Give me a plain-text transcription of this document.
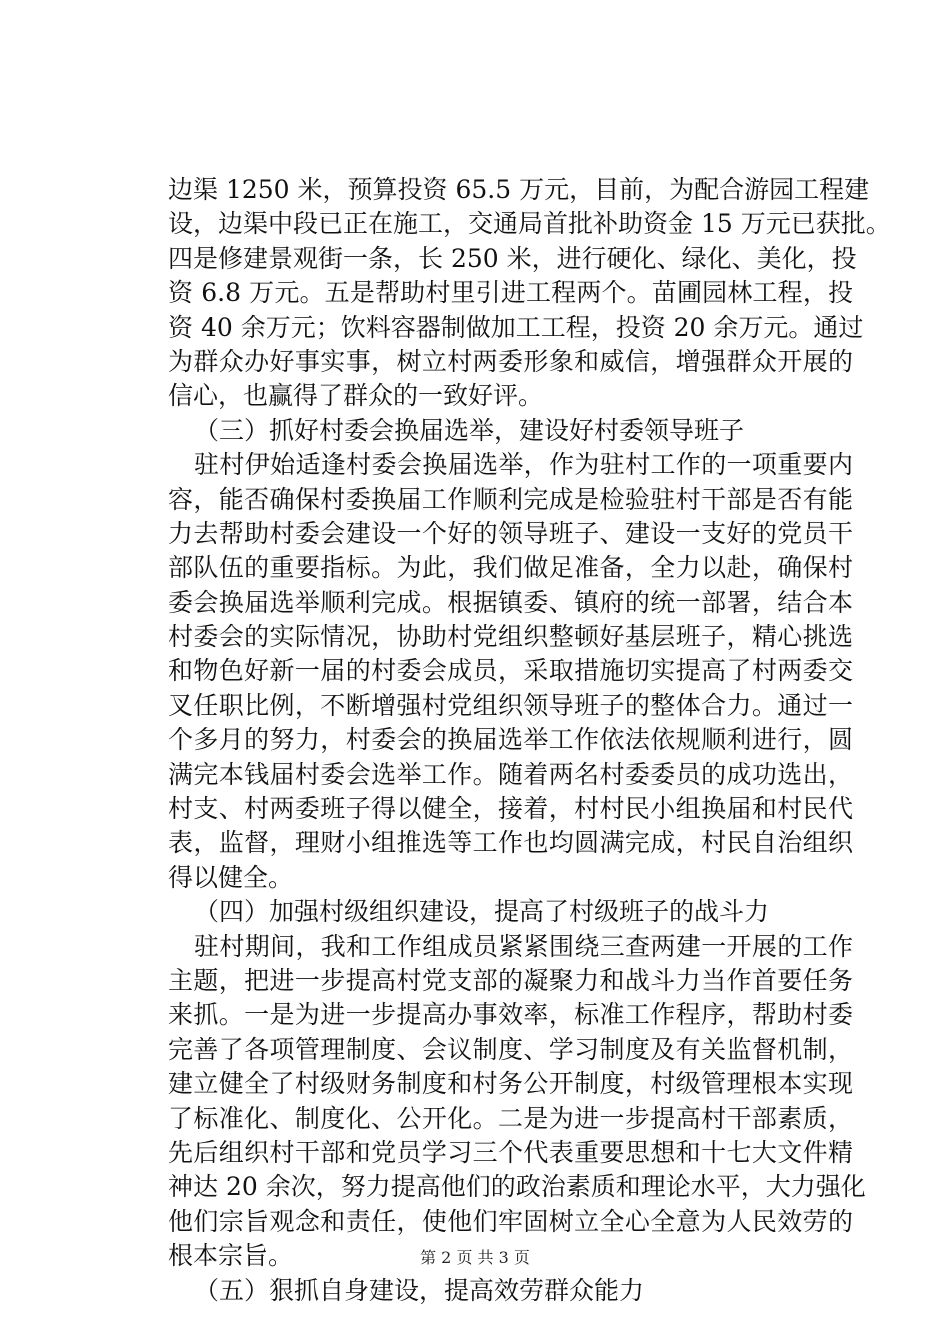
边渠 1250 米，预算投资 65.5 万元，目前，为配合游园工程建
设，边渠中段已正在施工，交通局首批补助资金 15 万元已获批。
四是修建景观街一条，长 250 米，进行硬化、绿化、美化，投
资 6.8 万元。五是帮助村里引进工程两个。苗圃园林工程，投
资 40 余万元；饮料容器制做加工工程，投资 20 余万元。通过
为群众办好事实事，树立村两委形象和威信，增强群众开展的
信心，也赢得了群众的一致好评。
（三）抓好村委会换届选举，建设好村委领导班子
驻村伊始适逢村委会换届选举，作为驻村工作的一项重要内
容，能否确保村委换届工作顺利完成是检验驻村干部是否有能
力去帮助村委会建设一个好的领导班子、建设一支好的党员干
部队伍的重要指标。为此，我们做足准备，全力以赴，确保村
委会换届选举顺利完成。根据镇委、镇府的统一部署，结合本
村委会的实际情况，协助村党组织整顿好基层班子，精心挑选
和物色好新一届的村委会成员，采取措施切实提高了村两委交
叉任职比例，不断增强村党组织领导班子的整体合力。通过一
个多月的努力，村委会的换届选举工作依法依规顺利进行，圆
满完本钱届村委会选举工作。随着两名村委委员的成功选出，
村支、村两委班子得以健全，接着，村村民小组换届和村民代
表，监督，理财小组推选等工作也均圆满完成，村民自治组织
得以健全。
（四）加强村级组织建设，提高了村级班子的战斗力
驻村期间，我和工作组成员紧紧围绕三查两建一开展的工作
主题，把进一步提高村党支部的凝聚力和战斗力当作首要任务
来抓。一是为进一步提高办事效率，标准工作程序，帮助村委
完善了各项管理制度、会议制度、学习制度及有关监督机制，
建立健全了村级财务制度和村务公开制度，村级管理根本实现
了标准化、制度化、公开化。二是为进一步提高村干部素质，
先后组织村干部和党员学习三个代表重要思想和十七大文件精
神达 20 余次，努力提高他们的政治素质和理论水平，大力强化
他们宗旨观念和责任，使他们牢固树立全心全意为人民效劳的
根本宗旨。
（五）狠抓自身建设，提高效劳群众能力
第 2 页 共 3 页
